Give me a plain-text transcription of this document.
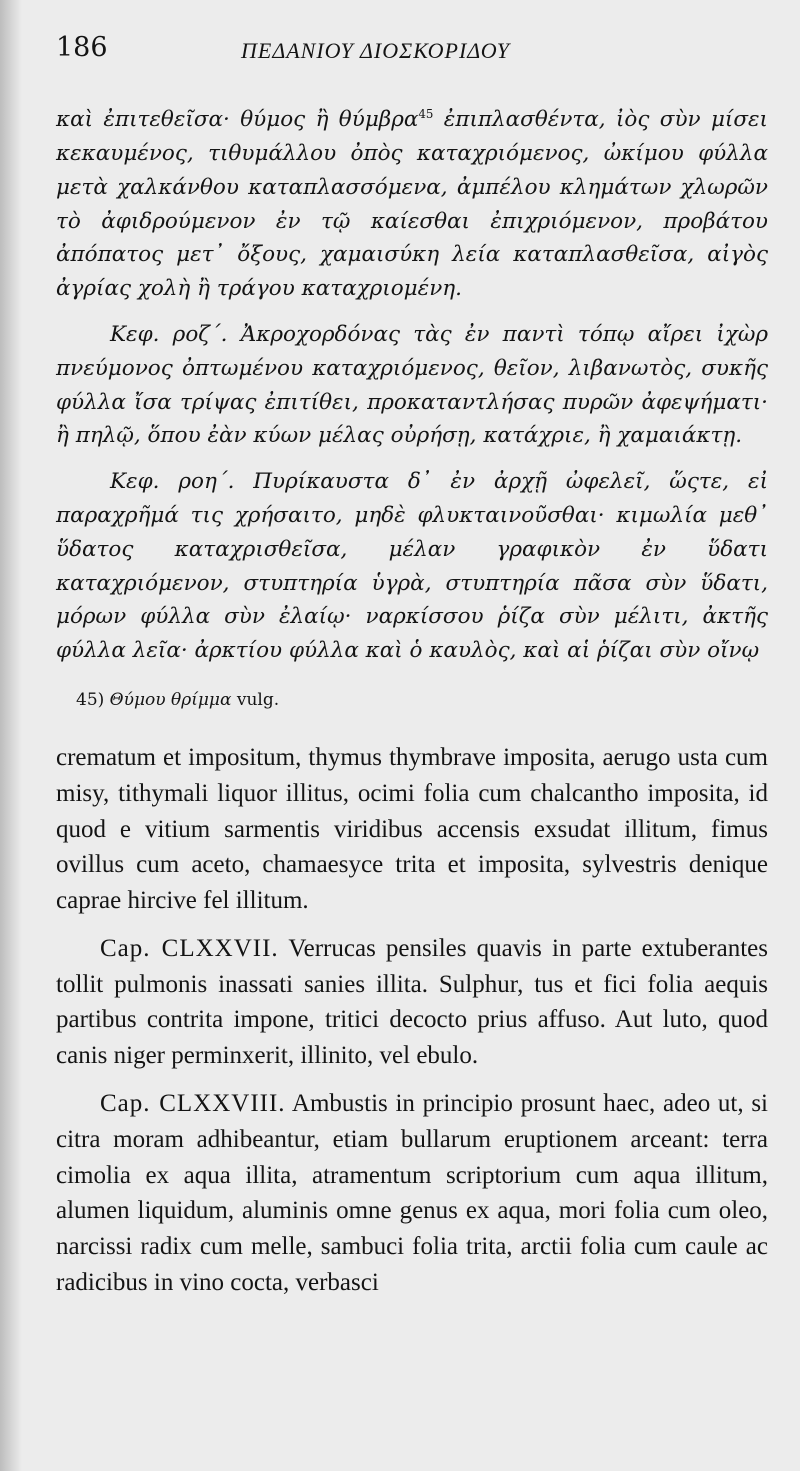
186	ΠΕΔΑΝΙΟΥ ΔΙΟΣΚΟΡΙΔΟΥ

καὶ ἐπιτεθεῖσα· θύμος ἢ θύμβρα$^{45}$ ἐπιπλασθέντα, ἰὸς σὺν μίσει κεκαυμένος, τιθυμάλλου ὀπὸς καταχριόμενος, ὠκίμου φύλλα μετὰ χαλκάνθου καταπλασσόμενα, ἀμπέλου κλημάτων χλωρῶν τὸ ἀφιδρούμενον ἐν τῷ καίεσθαι ἐπιχριόμενον, προβάτου ἀπόπατος μετ᾽ ὄξους, χαμαισύκη λεία καταπλασθεῖσα, αἰγὸς ἀγρίας χολὴ ἢ τράγου καταχριομένη.

Κεφ. ροζ΄. Ἀκροχορδόνας τὰς ἐν παντὶ τόπῳ αἴρει ἰχὼρ πνεύμονος ὀπτωμένου καταχριόμενος, θεῖον, λιβανωτὸς, συκῆς φύλλα ἴσα τρίψας ἐπιτίθει, προκαταντλήσας πυρῶν ἀφεψήματι· ἢ πηλῷ, ὅπου ἐὰν κύων μέλας οὐρήσῃ, κατάχριε, ἢ χαμαιάκτῃ.

Κεφ. ροη΄. Πυρίκαυστα δ᾽ ἐν ἀρχῇ ὠφελεῖ, ὥςτε, εἰ παραχρῆμά τις χρήσαιτο, μηδὲ φλυκταινοῦσθαι· κιμωλία μεθ᾽ ὕδατος καταχρισθεῖσα, μέλαν γραφικὸν ἐν ὕδατι καταχριόμενον, στυπτηρία ὑγρὰ, στυπτηρία πᾶσα σὺν ὕδατι, μόρων φύλλα σὺν ἐλαίῳ· ναρκίσσου ῥίζα σὺν μέλιτι, ἀκτῆς φύλλα λεῖα· ἀρκτίου φύλλα καὶ ὁ καυλὸς, καὶ αἱ ῥίζαι σὺν οἴνῳ

45) Θύμου θρίμμα vulg.

crematum et impositum, thymus thymbrave imposita, aerugo usta cum misy, tithymali liquor illitus, ocimi folia cum chalcantho imposita, id quod e vitium sarmentis viridibus accensis exsudat illitum, fimus ovillus cum aceto, chamaesyce trita et imposita, sylvestris denique caprae hircive fel illitum.

Cap. CLXXVII. Verrucas pensiles quavis in parte extuberantes tollit pulmonis inassati sanies illita. Sulphur, tus et fici folia aequis partibus contrita impone, tritici decocto prius affuso. Aut luto, quod canis niger perminxerit, illinito, vel ebulo.

Cap. CLXXVIII. Ambustis in principio prosunt haec, adeo ut, si citra moram adhibeantur, etiam bullarum eruptionem arceant: terra cimolia ex aqua illita, atramentum scriptorium cum aqua illitum, alumen liquidum, aluminis omne genus ex aqua, mori folia cum oleo, narcissi radix cum melle, sambuci folia trita, arctii folia cum caule ac radicibus in vino cocta, verbasci
